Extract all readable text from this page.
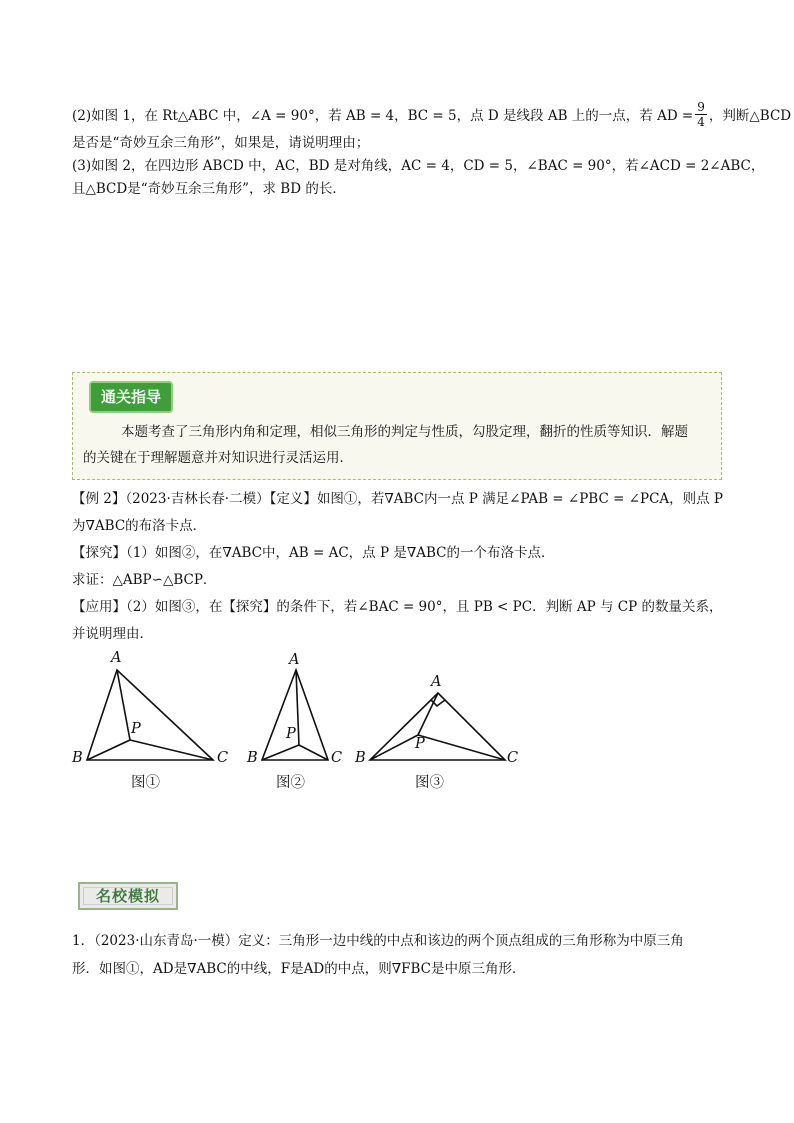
(2)如图 1，在 Rt△ABC 中，∠A = 90°，若 AB = 4，BC = 5，点 D 是线段 AB 上的一点，若 AD = $\frac{9}{4}$ ，判断△BCD

是否是“奇妙互余三角形”，如果是，请说明理由；

(3)如图 2，在四边形 ABCD 中，AC，BD 是对角线，AC = 4，CD = 5，∠BAC = 90°，若∠ACD = 2∠ABC，

且△BCD是“奇妙互余三角形”，求 BD 的长．

通关指导
本题考查了三角形内角和定理，相似三角形的判定与性质，勾股定理，翻折的性质等知识．解题
的关键在于理解题意并对知识进行灵活运用．

【例 2】（2023·吉林长春·二模）【定义】如图①，若∇ABC内一点 P 满足∠PAB = ∠PBC = ∠PCA，则点 P

为∇ABC的布洛卡点．

【探究】（1）如图②，在∇ABC中，AB = AC，点 P 是∇ABC的一个布洛卡点．

求证：△ABP∽△BCP．

【应用】（2）如图③，在【探究】的条件下，若∠BAC = 90°，且 PB < PC．判断 AP 与 CP 的数量关系，

并说明理由．

A
B	C
P
图①
A
B	C
P
图②
A
B	C
P
图③
名校模拟

1．（2023·山东青岛·一模）定义：三角形一边中线的中点和该边的两个顶点组成的三角形称为中原三角

形．如图①，AD是∇ABC的中线，F是AD的中点，则∇FBC是中原三角形．
